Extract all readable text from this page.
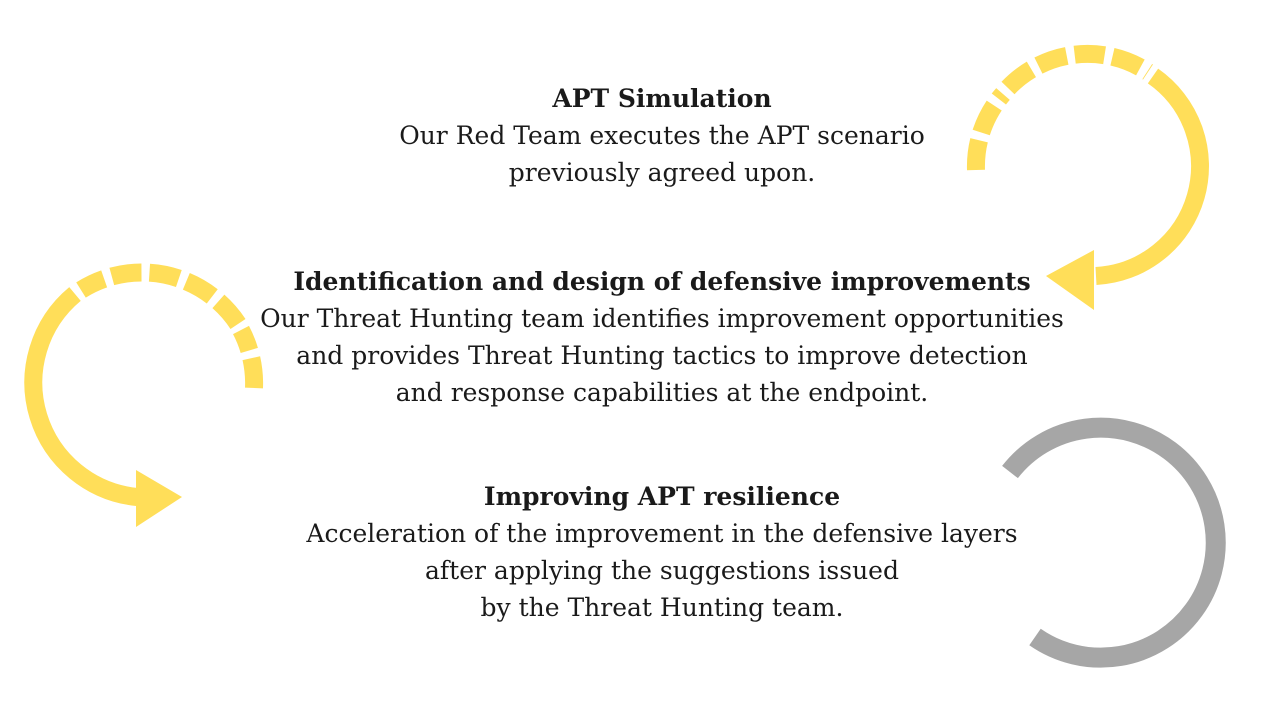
APT Simulation
Our Red Team executes the APT scenario
previously agreed upon.
Identification and design of defensive improvements
Our Threat Hunting team identifies improvement opportunities
and provides Threat Hunting tactics to improve detection
and response capabilities at the endpoint.
Improving APT resilience
Acceleration of the improvement in the defensive layers
after applying the suggestions issued
by the Threat Hunting team.
